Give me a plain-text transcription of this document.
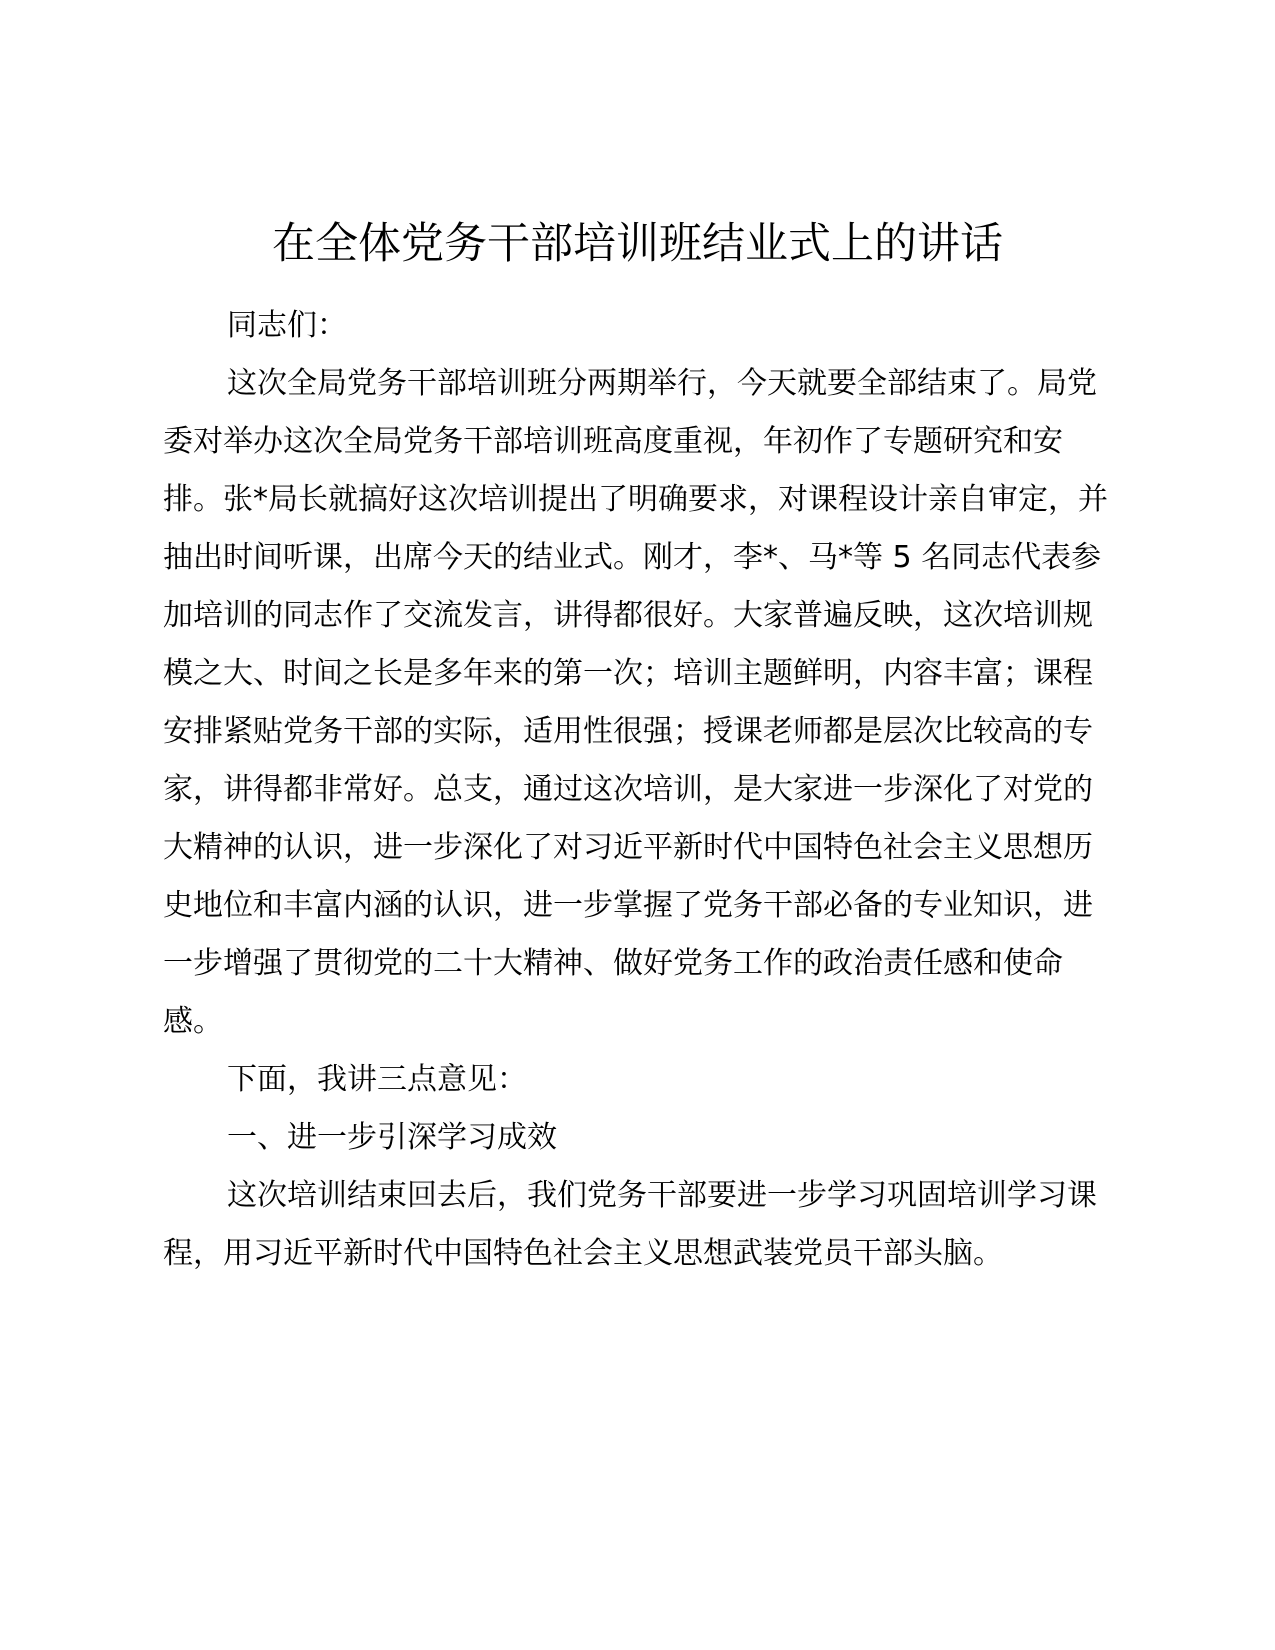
在全体党务干部培训班结业式上的讲话

同志们：

这次全局党务干部培训班分两期举行，今天就要全部结束了。局党委对举办这次全局党务干部培训班高度重视，年初作了专题研究和安排。张*局长就搞好这次培训提出了明确要求，对课程设计亲自审定，并抽出时间听课，出席今天的结业式。刚才，李*、马*等 5 名同志代表参加培训的同志作了交流发言，讲得都很好。大家普遍反映，这次培训规模之大、时间之长是多年来的第一次；培训主题鲜明，内容丰富；课程安排紧贴党务干部的实际，适用性很强；授课老师都是层次比较高的专家，讲得都非常好。总支，通过这次培训，是大家进一步深化了对党的大精神的认识，进一步深化了对习近平新时代中国特色社会主义思想历史地位和丰富内涵的认识，进一步掌握了党务干部必备的专业知识，进一步增强了贯彻党的二十大精神、做好党务工作的政治责任感和使命感。

下面，我讲三点意见：

一、进一步引深学习成效

这次培训结束回去后，我们党务干部要进一步学习巩固培训学习课程，用习近平新时代中国特色社会主义思想武装党员干部头脑。
